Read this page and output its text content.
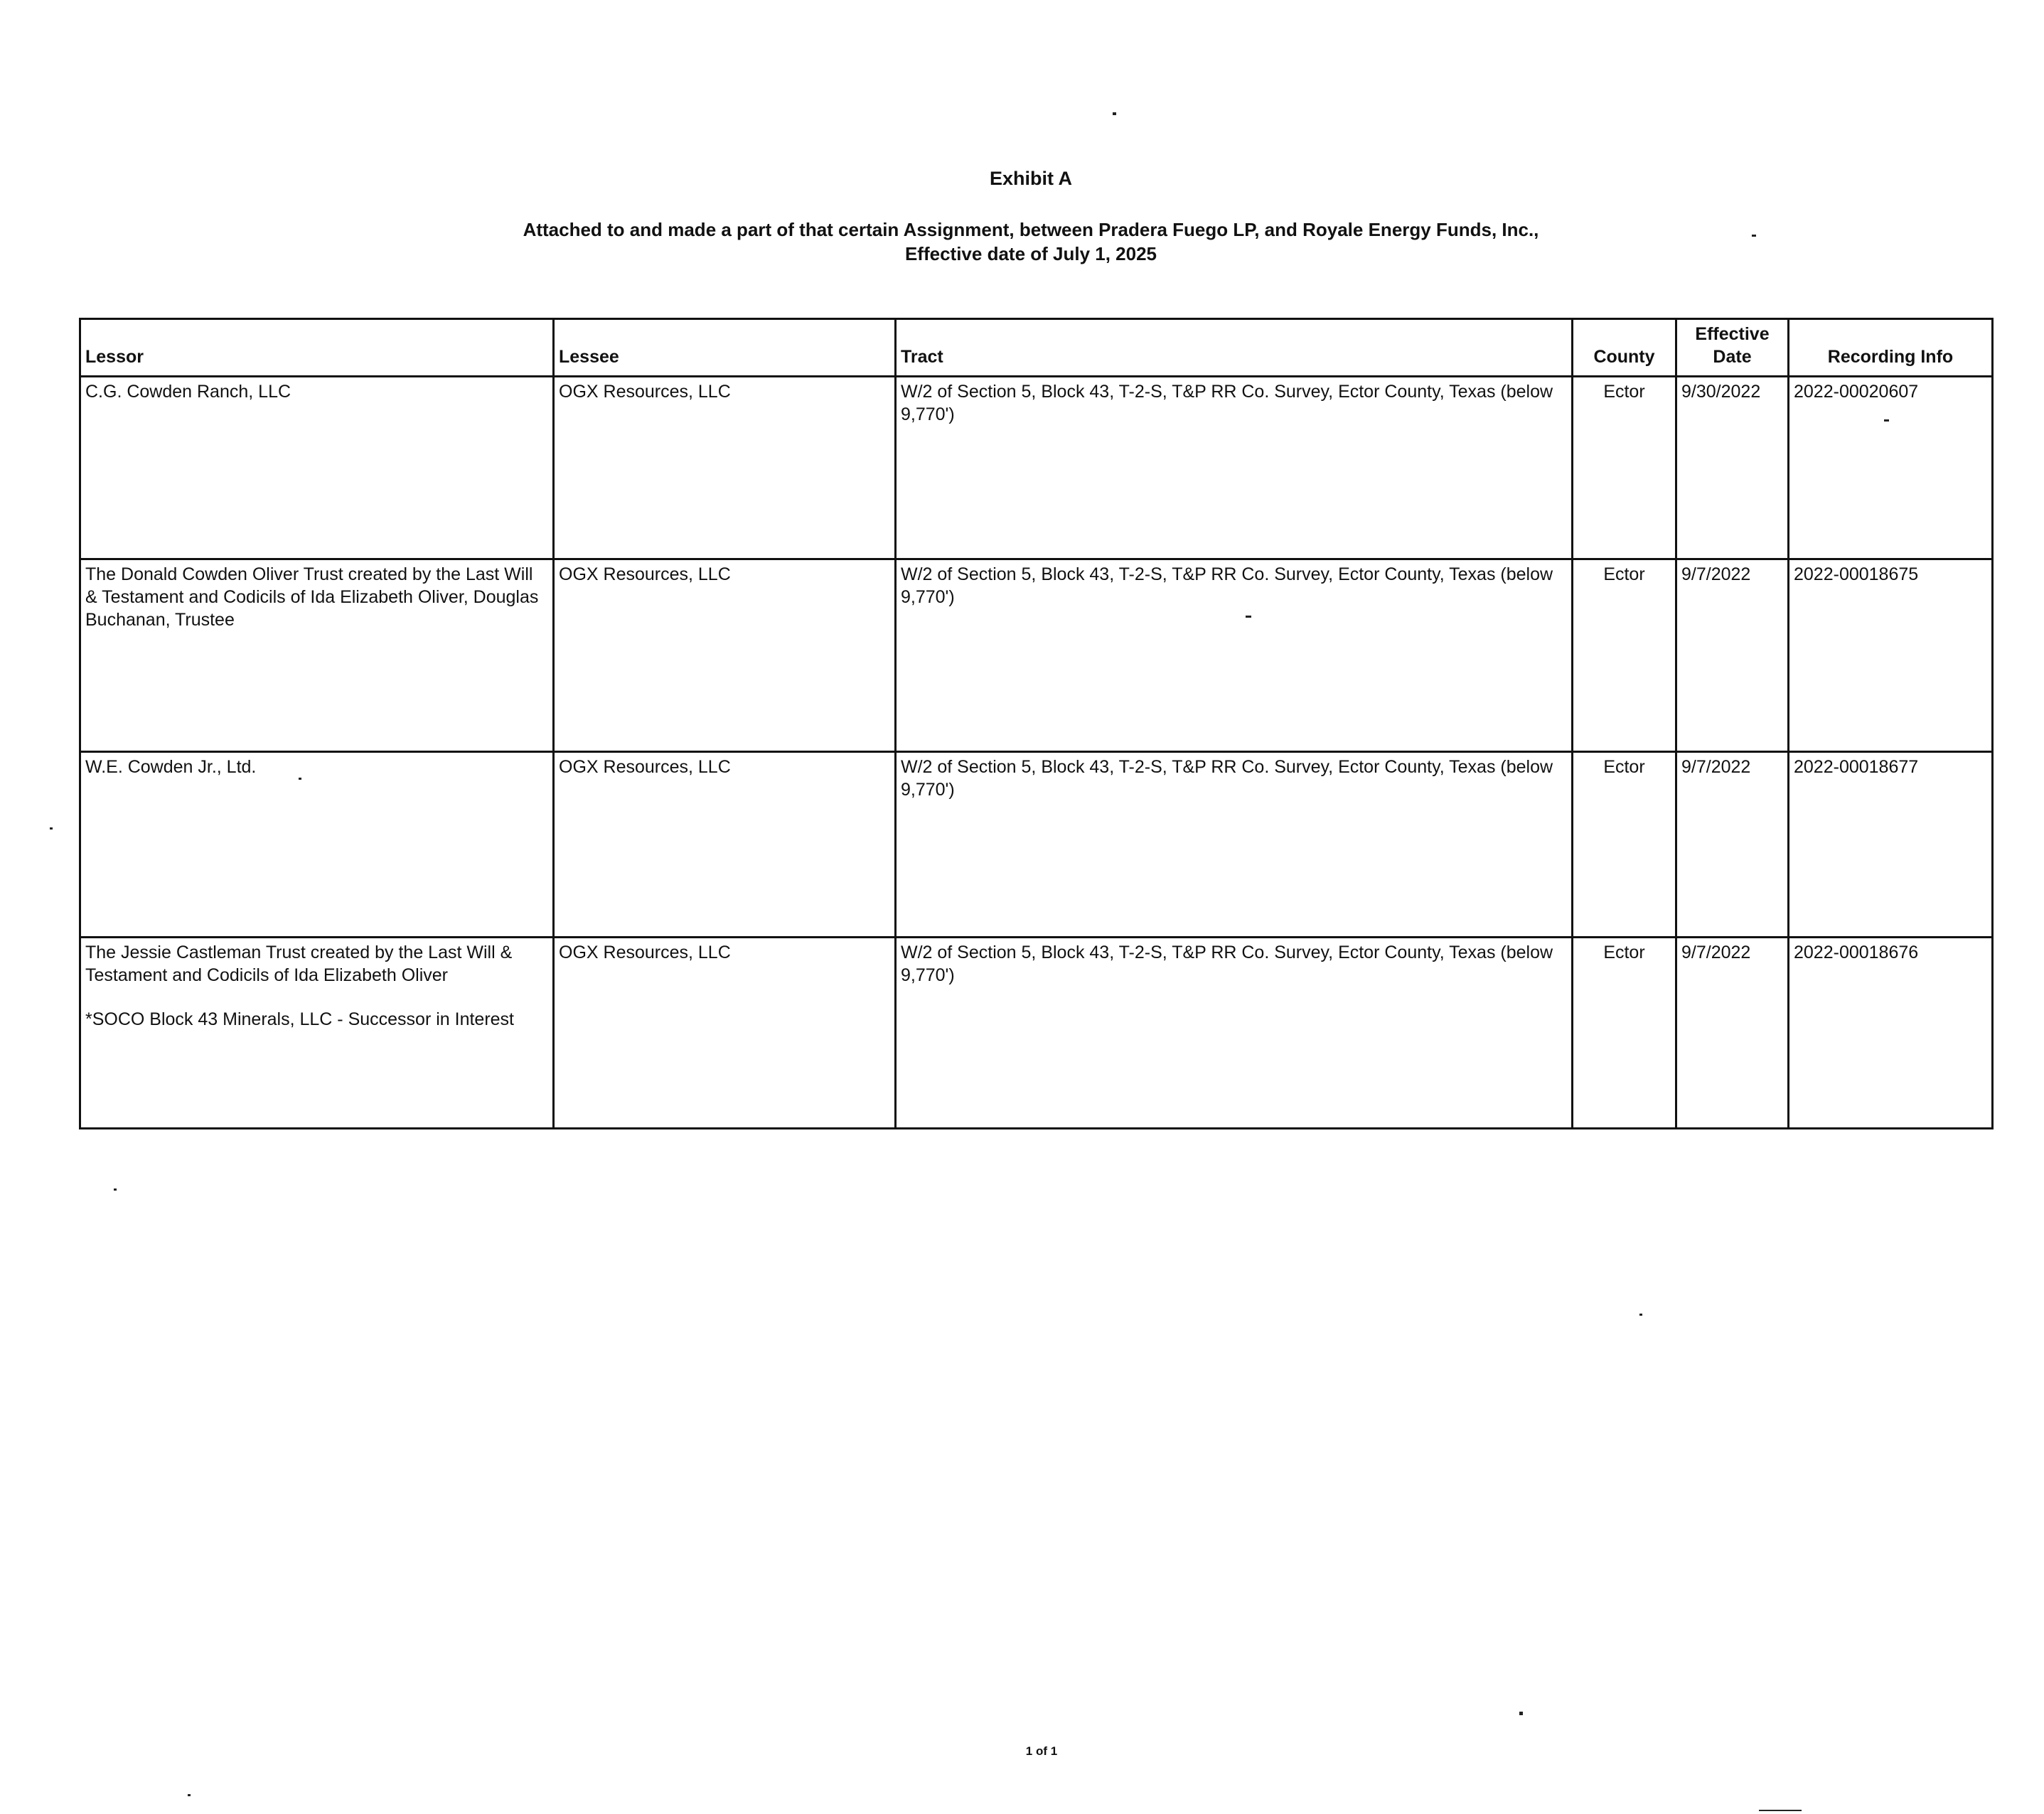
Exhibit A
Attached to and made a part of that certain Assignment, between Pradera Fuego LP, and Royale Energy Funds, Inc.,
Effective date of July 1, 2025
Lessor	Lessee	Tract	County	Effective Date	Recording Info
C.G. Cowden Ranch, LLC	OGX Resources, LLC	W/2 of Section 5, Block 43, T-2-S, T&P RR Co. Survey, Ector County, Texas (below 9,770')	Ector	9/30/2022	2022-00020607
The Donald Cowden Oliver Trust created by the Last Will & Testament and Codicils of Ida Elizabeth Oliver, Douglas Buchanan, Trustee	OGX Resources, LLC	W/2 of Section 5, Block 43, T-2-S, T&P RR Co. Survey, Ector County, Texas (below 9,770')	Ector	9/7/2022	2022-00018675
W.E. Cowden Jr., Ltd.	OGX Resources, LLC	W/2 of Section 5, Block 43, T-2-S, T&P RR Co. Survey, Ector County, Texas (below 9,770')	Ector	9/7/2022	2022-00018677
The Jessie Castleman Trust created by the Last Will & Testament and Codicils of Ida Elizabeth Oliver
*SOCO Block 43 Minerals, LLC - Successor in Interest	OGX Resources, LLC	W/2 of Section 5, Block 43, T-2-S, T&P RR Co. Survey, Ector County, Texas (below 9,770')	Ector	9/7/2022	2022-00018676
1 of 1
